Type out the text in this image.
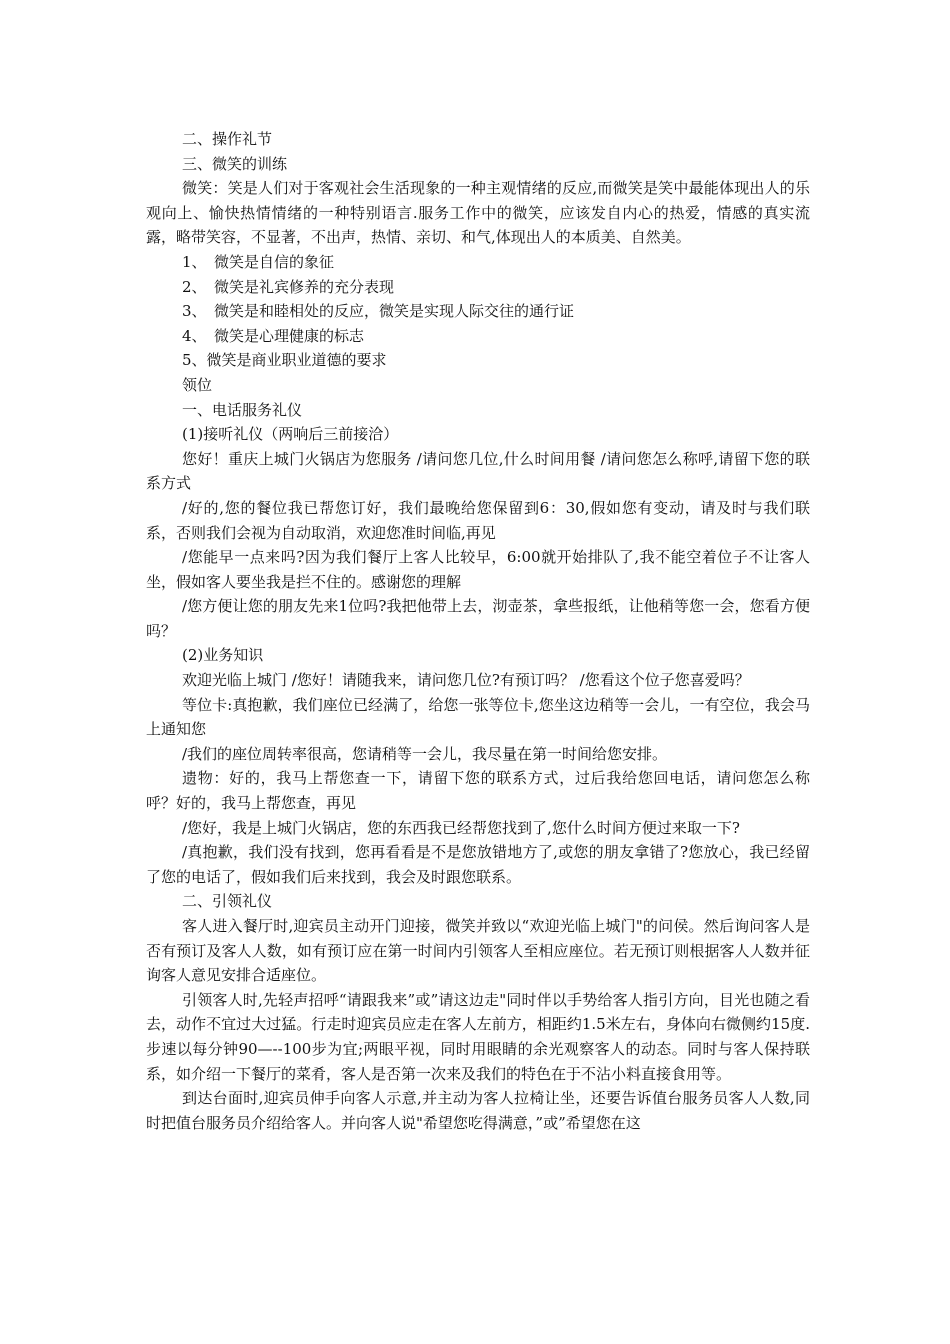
二、操作礼节

三、微笑的训练

微笑：笑是人们对于客观社会生活现象的一种主观情绪的反应,而微笑是笑中最能体现出人的乐观向上、愉快热情情绪的一种特别语言.服务工作中的微笑，应该发自内心的热爱，情感的真实流露，略带笑容，不显著，不出声，热情、亲切、和气,体现出人的本质美、自然美。

1、　微笑是自信的象征

2、　微笑是礼宾修养的充分表现

3、　微笑是和睦相处的反应，微笑是实现人际交往的通行证

4、　微笑是心理健康的标志

5、微笑是商业职业道德的要求

领位

一、电话服务礼仪

(1)接听礼仪（两响后三前接洽）

您好！重庆上城门火锅店为您服务 /请问您几位,什么时间用餐 /请问您怎么称呼,请留下您的联系方式

/好的,您的餐位我已帮您订好，我们最晚给您保留到6：30,假如您有变动，请及时与我们联系，否则我们会视为自动取消，欢迎您准时间临,再见

/您能早一点来吗?因为我们餐厅上客人比较早，6:00就开始排队了,我不能空着位子不让客人坐，假如客人要坐我是拦不住的。感谢您的理解

/您方便让您的朋友先来1位吗?我把他带上去，沏壶茶，拿些报纸，让他稍等您一会，您看方便吗？

(2)业务知识

欢迎光临上城门 /您好！请随我来，请问您几位?有预订吗？ /您看这个位子您喜爱吗？

等位卡:真抱歉，我们座位已经满了，给您一张等位卡,您坐这边稍等一会儿，一有空位，我会马上通知您

/我们的座位周转率很高，您请稍等一会儿，我尽量在第一时间给您安排。

遗物：好的，我马上帮您查一下，请留下您的联系方式，过后我给您回电话，请问您怎么称呼？好的，我马上帮您查，再见

/您好，我是上城门火锅店，您的东西我已经帮您找到了,您什么时间方便过来取一下?

/真抱歉，我们没有找到，您再看看是不是您放错地方了,或您的朋友拿错了?您放心，我已经留了您的电话了，假如我们后来找到，我会及时跟您联系。

二、引领礼仪

客人进入餐厅时,迎宾员主动开门迎接，微笑并致以“欢迎光临上城门"的问侯。然后询问客人是否有预订及客人人数，如有预订应在第一时间内引领客人至相应座位。若无预订则根据客人人数并征询客人意见安排合适座位。

引领客人时,先轻声招呼“请跟我来”或”请这边走"同时伴以手势给客人指引方向，目光也随之看去，动作不宜过大过猛。行走时迎宾员应走在客人左前方，相距约1.5米左右，身体向右微侧约15度.步速以每分钟90—--100步为宜;两眼平视，同时用眼睛的余光观察客人的动态。同时与客人保持联系，如介绍一下餐厅的菜肴，客人是否第一次来及我们的特色在于不沾小料直接食用等。

到达台面时,迎宾员伸手向客人示意,并主动为客人拉椅让坐，还要告诉值台服务员客人人数,同时把值台服务员介绍给客人。并向客人说"希望您吃得满意，”或”希望您在这
